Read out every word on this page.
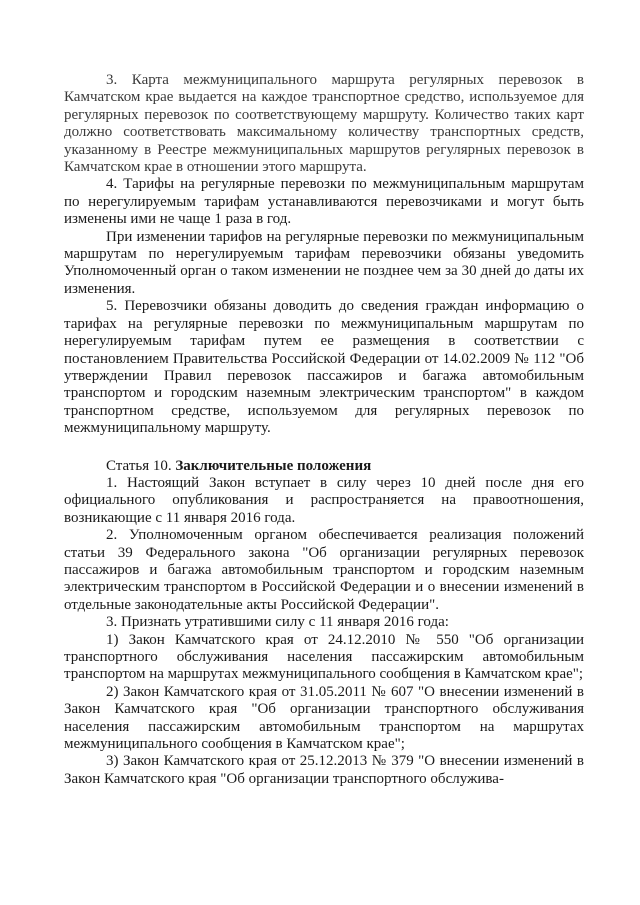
3. Карта межмуниципального маршрута регулярных перевозок в Камчатском крае выдается на каждое транспортное средство, используемое для регулярных перевозок по соответствующему маршруту. Количество таких карт должно соответствовать максимальному количеству транспортных средств, указанному в Реестре межмуниципальных маршрутов регулярных перевозок в Камчатском крае в отношении этого маршрута.

4. Тарифы на регулярные перевозки по межмуниципальным маршрутам по нерегулируемым тарифам устанавливаются перевозчиками и могут быть изменены ими не чаще 1 раза в год.

При изменении тарифов на регулярные перевозки по межмуниципальным маршрутам по нерегулируемым тарифам перевозчики обязаны уведомить Уполномоченный орган о таком изменении не позднее чем за 30 дней до даты их изменения.

5. Перевозчики обязаны доводить до сведения граждан информацию о тарифах на регулярные перевозки по межмуниципальным маршрутам по нерегулируемым тарифам путем ее размещения в соответствии с постановлением Правительства Российской Федерации от 14.02.2009 № 112 "Об утверждении Правил перевозок пассажиров и багажа автомобильным транспортом и городским наземным электрическим транспортом" в каждом транспортном средстве, используемом для регулярных перевозок по межмуниципальному маршруту.

Статья 10. Заключительные положения

1. Настоящий Закон вступает в силу через 10 дней после дня его официального опубликования и распространяется на правоотношения, возникающие с 11 января 2016 года.

2. Уполномоченным органом обеспечивается реализация положений статьи 39 Федерального закона "Об организации регулярных перевозок пассажиров и багажа автомобильным транспортом и городским наземным электрическим транспортом в Российской Федерации и о внесении изменений в отдельные законодательные акты Российской Федерации".

3. Признать утратившими силу с 11 января 2016 года:

1) Закон Камчатского края от 24.12.2010 № 550 "Об организации транспортного обслуживания населения пассажирским автомобильным транспортом на маршрутах межмуниципального сообщения в Камчатском крае";

2) Закон Камчатского края от 31.05.2011 № 607 "О внесении изменений в Закон Камчатского края "Об организации транспортного обслуживания населения пассажирским автомобильным транспортом на маршрутах межмуниципального сообщения в Камчатском крае";

3) Закон Камчатского края от 25.12.2013 № 379 "О внесении изменений в Закон Камчатского края "Об организации транспортного обслужива-
